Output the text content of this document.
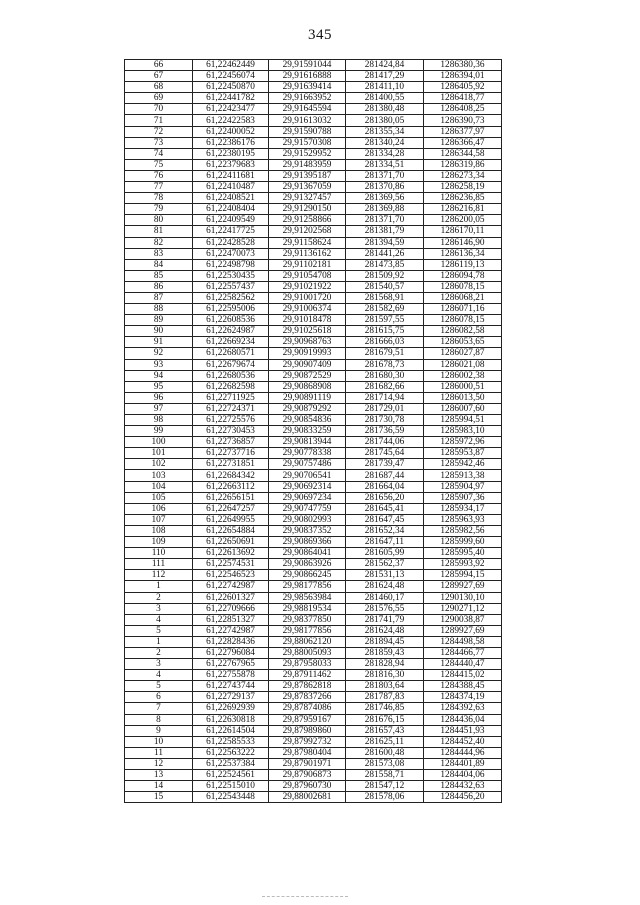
345
66	61,22462449	29,91591044	281424,84	1286380,36
67	61,22456074	29,91616888	281417,29	1286394,01
68	61,22450870	29,91639414	281411,10	1286405,92
69	61,22441782	29,91663952	281400,55	1286418,77
70	61,22423477	29,91645594	281380,48	1286408,25
71	61,22422583	29,91613032	281380,05	1286390,73
72	61,22400052	29,91590788	281355,34	1286377,97
73	61,22386176	29,91570308	281340,24	1286366,47
74	61,22380195	29,91529952	281334,28	1286344,58
75	61,22379683	29,91483959	281334,51	1286319,86
76	61,22411681	29,91395187	281371,70	1286273,34
77	61,22410487	29,91367059	281370,86	1286258,19
78	61,22408521	29,91327457	281369,56	1286236,85
79	61,22408404	29,91290150	281369,88	1286216,81
80	61,22409549	29,91258866	281371,70	1286200,05
81	61,22417725	29,91202568	281381,79	1286170,11
82	61,22428528	29,91158624	281394,59	1286146,90
83	61,22470073	29,91136162	281441,26	1286136,34
84	61,22498798	29,91102181	281473,85	1286119,13
85	61,22530435	29,91054708	281509,92	1286094,78
86	61,22557437	29,91021922	281540,57	1286078,15
87	61,22582562	29,91001720	281568,91	1286068,21
88	61,22595006	29,91006374	281582,69	1286071,16
89	61,22608536	29,91018478	281597,55	1286078,15
90	61,22624987	29,91025618	281615,75	1286082,58
91	61,22669234	29,90968763	281666,03	1286053,65
92	61,22680571	29,90919993	281679,51	1286027,87
93	61,22679674	29,90907409	281678,73	1286021,08
94	61,22680536	29,90872529	281680,30	1286002,38
95	61,22682598	29,90868908	281682,66	1286000,51
96	61,22711925	29,90891119	281714,94	1286013,50
97	61,22724371	29,90879292	281729,01	1286007,60
98	61,22725576	29,90854836	281730,78	1285994,51
99	61,22730453	29,90833259	281736,59	1285983,10
100	61,22736857	29,90813944	281744,06	1285972,96
101	61,22737716	29,90778338	281745,64	1285953,87
102	61,22731851	29,90757486	281739,47	1285942,46
103	61,22684342	29,90706541	281687,44	1285913,38
104	61,22663112	29,90692314	281664,04	1285904,97
105	61,22656151	29,90697234	281656,20	1285907,36
106	61,22647257	29,90747759	281645,41	1285934,17
107	61,22649955	29,90802993	281647,45	1285963,93
108	61,22654884	29,90837352	281652,34	1285982,56
109	61,22650691	29,90869366	281647,11	1285999,60
110	61,22613692	29,90864041	281605,99	1285995,40
111	61,22574531	29,90863926	281562,37	1285993,92
112	61,22546523	29,90866245	281531,13	1285994,15
1	61,22742987	29,98177856	281624,48	1289927,69
2	61,22601327	29,98563984	281460,17	1290130,10
3	61,22709666	29,98819534	281576,55	1290271,12
4	61,22851327	29,98377850	281741,79	1290038,87
5	61,22742987	29,98177856	281624,48	1289927,69
1	61,22828436	29,88062120	281894,45	1284498,58
2	61,22796084	29,88005093	281859,43	1284466,77
3	61,22767965	29,87958033	281828,94	1284440,47
4	61,22755878	29,87911462	281816,30	1284415,02
5	61,22743744	29,87862818	281803,64	1284388,45
6	61,22729137	29,87837266	281787,83	1284374,19
7	61,22692939	29,87874086	281746,85	1284392,63
8	61,22630818	29,87959167	281676,15	1284436,04
9	61,22614504	29,87989860	281657,43	1284451,93
10	61,22585533	29,87992732	281625,11	1284452,40
11	61,22563222	29,87980404	281600,48	1284444,96
12	61,22537384	29,87901971	281573,08	1284401,89
13	61,22524561	29,87906873	281558,71	1284404,06
14	61,22515010	29,87960730	281547,12	1284432,63
15	61,22543448	29,88002681	281578,06	1284456,20
